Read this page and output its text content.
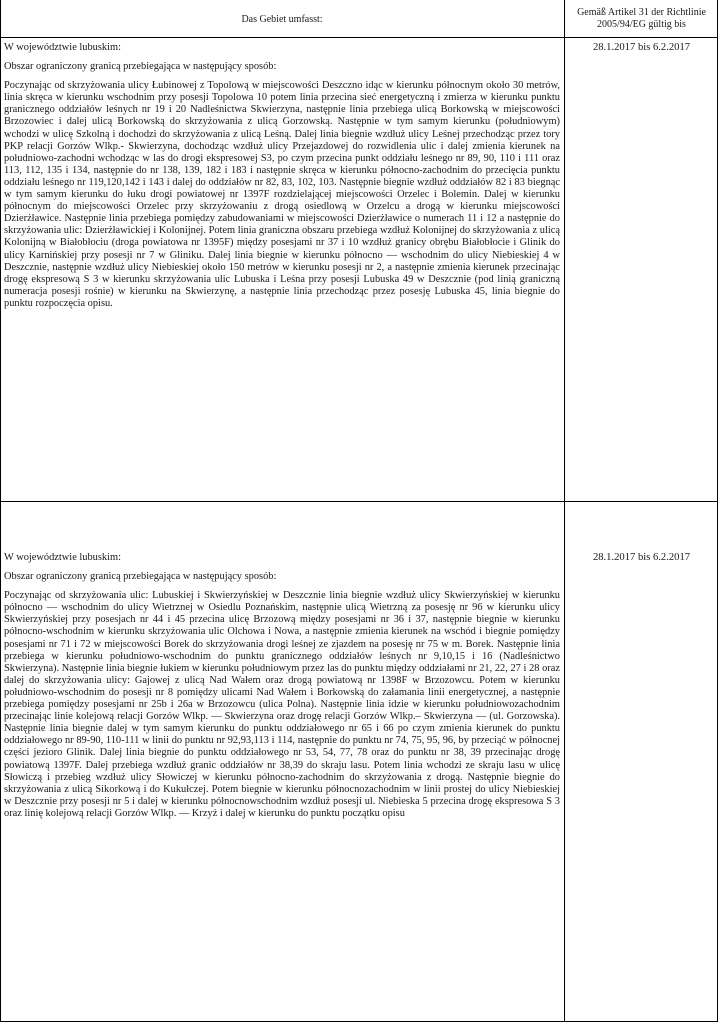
Das Gebiet umfasst:
Gemäß Artikel 31 der Richtlinie 2005/94/EG gültig bis

W województwie lubuskim:

Obszar ograniczony granicą przebiegająca w następujący sposób:

Poczynając od skrzyżowania ulicy Łubinowej z Topolową w miejscowości Deszczno idąc w kierunku północnym około 30 metrów, linia skręca w kierunku wschodnim przy posesji Topolowa 10 potem linia przecina sieć energetyczną i zmierza w kierunku punktu granicznego oddziałów leśnych nr 19 i 20 Nadleśnictwa Skwierzyna, następnie linia przebiega ulicą Borkowską w miejscowości Brzozowiec i dalej ulicą Borkowską do skrzyżowania z ulicą Gorzowską. Następnie w tym samym kierunku (południowym) wchodzi w ulicę Szkolną i dochodzi do skrzyżowania z ulicą Leśną. Dalej linia biegnie wzdłuż ulicy Leśnej przechodząc przez tory PKP relacji Gorzów Wlkp.- Skwierzyna, dochodząc wzdłuż ulicy Przejazdowej do rozwidlenia ulic i dalej zmienia kierunek na południowo-zachodni wchodząc w las do drogi ekspresowej S3, po czym przecina punkt oddziału leśnego nr 89, 90, 110 i 111 oraz 113, 112, 135 i 134, następnie do nr 138, 139, 182 i 183 i następnie skręca w kierunku północno-zachodnim do przecięcia punktu oddziału leśnego nr 119,120,142 i 143 i dalej do oddziałów nr 82, 83, 102, 103. Następnie biegnie wzdłuż oddziałów 82 i 83 biegnąc w tym samym kierunku do łuku drogi powiatowej nr 1397F rozdzielającej miejscowości Orzelec i Bolemin. Dalej w kierunku północnym do miejscowości Orzelec przy skrzyżowaniu z drogą osiedlową w Orzelcu a drogą w kierunku miejscowości Dzierżławice. Następnie linia przebiega pomiędzy zabudowaniami w miejscowości Dzierżławice o numerach 11 i 12 a następnie do skrzyżowania ulic: Dzierżławickiej i Kolonijnej. Potem linia graniczna obszaru przebiega wzdłuż Kolonijnej do skrzyżowania z ulicą Kolonijną w Białobłociu (droga powiatowa nr 1395F) między posesjami nr 37 i 10 wzdłuż granicy obrębu Białobłocie i Glinik do ulicy Karnińskiej przy posesji nr 7 w Gliniku. Dalej linia biegnie w kierunku północno — wschodnim do ulicy Niebieskiej 4 w Deszcznie, następnie wzdłuż ulicy Niebieskiej około 150 metrów w kierunku posesji nr 2, a następnie zmienia kierunek przecinając drogę ekspresową S 3 w kierunku skrzyżowania ulic Lubuska i Leśna przy posesji Lubuska 49 w Deszcznie (pod linią graniczną numeracja posesji rośnie) w kierunku na Skwierzynę, a następnie linia przechodząc przez posesję Lubuska 45, linia biegnie do punktu rozpoczęcia opisu.

28.1.2017 bis 6.2.2017

W województwie lubuskim:

Obszar ograniczony granicą przebiegająca w następujący sposób:

Poczynając od skrzyżowania ulic: Lubuskiej i Skwierzyńskiej w Deszcznie linia biegnie wzdłuż ulicy Skwierzyńskiej w kierunku północno — wschodnim do ulicy Wietrznej w Osiedlu Poznańskim, następnie ulicą Wietrzną za posesję nr 96 w kierunku ulicy Skwierzyńskiej przy posesjach nr 44 i 45 przecina ulicę Brzozową między posesjami nr 36 i 37, następnie biegnie w kierunku północno-wschodnim w kierunku skrzyżowania ulic Olchowa i Nowa, a następnie zmienia kierunek na wschód i biegnie pomiędzy posesjami nr 71 i 72 w miejscowości Borek do skrzyżowania drogi leśnej ze zjazdem na posesję nr 75 w m. Borek. Następnie linia przebiega w kierunku południowo-wschodnim do punktu granicznego oddziałów leśnych nr 9,10,15 i 16 (Nadleśnictwo Skwierzyna). Następnie linia biegnie łukiem w kierunku południowym przez las do punktu między oddziałami nr 21, 22, 27 i 28 oraz dalej do skrzyżowania ulicy: Gajowej z ulicą Nad Wałem oraz drogą powiatową nr 1398F w Brzozowcu. Potem w kierunku południowo-wschodnim do posesji nr 8 pomiędzy ulicami Nad Wałem i Borkowską do załamania linii energetycznej, a następnie przebiega pomiędzy posesjami nr 25b i 26a w Brzozowcu (ulica Polna). Następnie linia idzie w kierunku południowozachodnim przecinając linie kolejową relacji Gorzów Wlkp. — Skwierzyna oraz drogę relacji Gorzów Wlkp.– Skwierzyna — (ul. Gorzowska). Następnie linia biegnie dalej w tym samym kierunku do punktu oddziałowego nr 65 i 66 po czym zmienia kierunek do punktu oddziałowego nr 89-90, 110-111 w linii do punktu nr 92,93,113 i 114, następnie do punktu nr 74, 75, 95, 96, by przeciąć w północnej części jezioro Glinik. Dalej linia biegnie do punktu oddziałowego nr 53, 54, 77, 78 oraz do punktu nr 38, 39 przecinając drogę powiatową 1397F. Dalej przebiega wzdłuż granic oddziałów nr 38,39 do skraju lasu. Potem linia wchodzi ze skraju lasu w ulicę Słowiczą i przebieg wzdłuż ulicy Słowiczej w kierunku północno-zachodnim do skrzyżowania z drogą. Następnie biegnie do skrzyżowania z ulicą Sikorkową i do Kukułczej. Potem biegnie w kierunku północnozachodnim w linii prostej do ulicy Niebieskiej w Deszcznie przy posesji nr 5 i dalej w kierunku północnowschodnim wzdłuż posesji ul. Niebieska 5 przecina drogę ekspresowa S 3 oraz linię kolejową relacji Gorzów Wlkp. — Krzyż i dalej w kierunku do punktu początku opisu

28.1.2017 bis 6.2.2017
